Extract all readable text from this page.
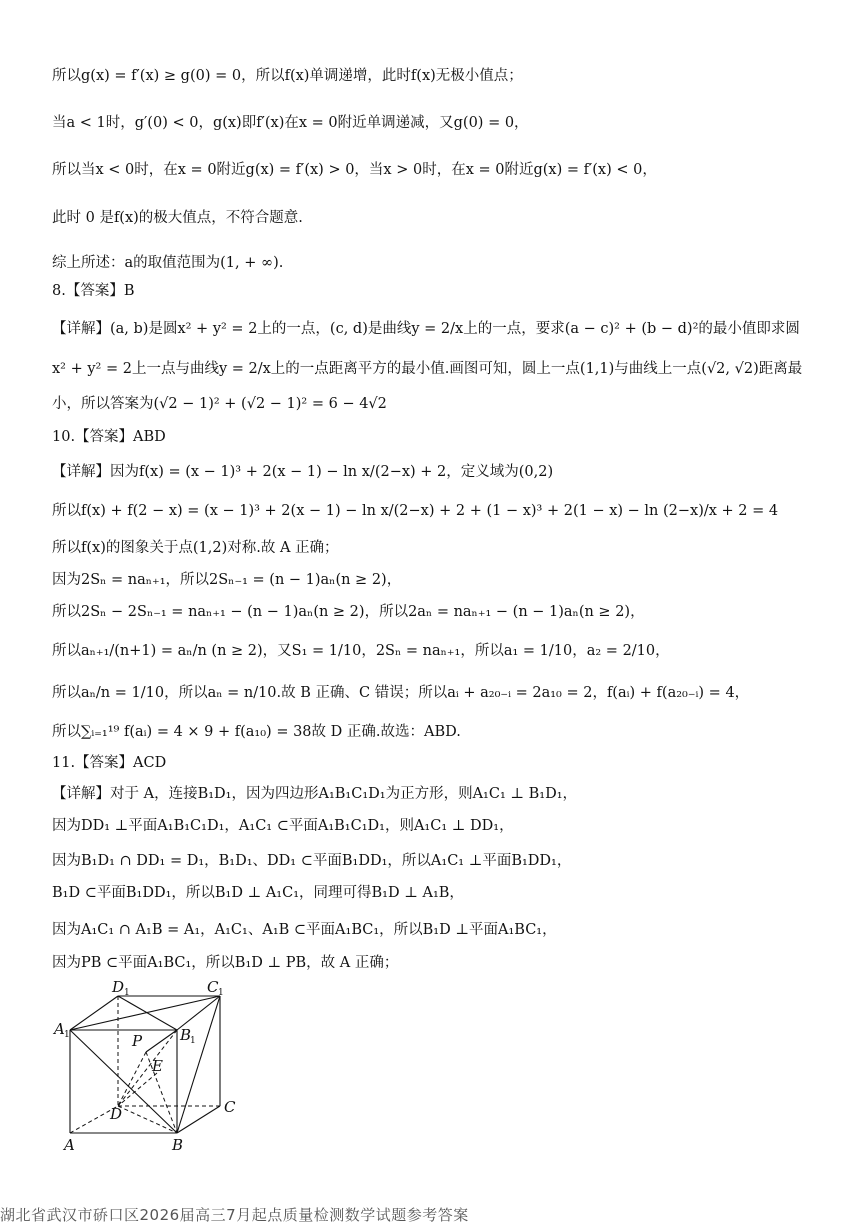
所以g(x) = f′(x) ≥ g(0) = 0，所以f(x)单调递增，此时f(x)无极小值点；
当a < 1时，g′(0) < 0，g(x)即f′(x)在x = 0附近单调递减，又g(0) = 0，
所以当x < 0时，在x = 0附近g(x) = f′(x) > 0，当x > 0时，在x = 0附近g(x) = f′(x) < 0，
此时 0 是f(x)的极大值点，不符合题意.
综上所述：a的取值范围为(1, + ∞).
8.【答案】B
【详解】(a, b)是圆x² + y² = 2上的一点，(c, d)是曲线y = 2/x上的一点，要求(a − c)² + (b − d)²的最小值即求圆
x² + y² = 2上一点与曲线y = 2/x上的一点距离平方的最小值.画图可知，圆上一点(1,1)与曲线上一点(√2, √2)距离最
小，所以答案为(√2 − 1)² + (√2 − 1)² = 6 − 4√2
10.【答案】ABD
【详解】因为f(x) = (x − 1)³ + 2(x − 1) − ln x/(2−x) + 2，定义域为(0,2)
所以f(x) + f(2 − x) = (x − 1)³ + 2(x − 1) − ln x/(2−x) + 2 + (1 − x)³ + 2(1 − x) − ln (2−x)/x + 2 = 4
所以f(x)的图象关于点(1,2)对称.故 A 正确；
因为2Sₙ = naₙ₊₁，所以2Sₙ₋₁ = (n − 1)aₙ(n ≥ 2)，
所以2Sₙ − 2Sₙ₋₁ = naₙ₊₁ − (n − 1)aₙ(n ≥ 2)，所以2aₙ = naₙ₊₁ − (n − 1)aₙ(n ≥ 2)，
所以aₙ₊₁/(n+1) = aₙ/n (n ≥ 2)，又S₁ = 1/10，2Sₙ = naₙ₊₁，所以a₁ = 1/10，a₂ = 2/10，
所以aₙ/n = 1/10，所以aₙ = n/10.故 B 正确、C 错误；所以aᵢ + a₂₀₋ᵢ = 2a₁₀ = 2，f(aᵢ) + f(a₂₀₋ᵢ) = 4，
所以∑ᵢ₌₁¹⁹ f(aᵢ) = 4 × 9 + f(a₁₀) = 38故 D 正确.故选：ABD.
11.【答案】ACD
【详解】对于 A，连接B₁D₁，因为四边形A₁B₁C₁D₁为正方形，则A₁C₁ ⊥ B₁D₁，
因为DD₁ ⊥平面A₁B₁C₁D₁，A₁C₁ ⊂平面A₁B₁C₁D₁，则A₁C₁ ⊥ DD₁，
因为B₁D₁ ∩ DD₁ = D₁，B₁D₁、DD₁ ⊂平面B₁DD₁，所以A₁C₁ ⊥平面B₁DD₁，
B₁D ⊂平面B₁DD₁，所以B₁D ⊥ A₁C₁，同理可得B₁D ⊥ A₁B，
因为A₁C₁ ∩ A₁B = A₁，A₁C₁、A₁B ⊂平面A₁BC₁，所以B₁D ⊥平面A₁BC₁，
因为PB ⊂平面A₁BC₁，所以B₁D ⊥ PB，故 A 正确；
D 1	C 1
A 1	B
1
P
E
D	C
A	B
湖北省武汉市硚口区2026届高三7月起点质量检测数学试题参考答案
